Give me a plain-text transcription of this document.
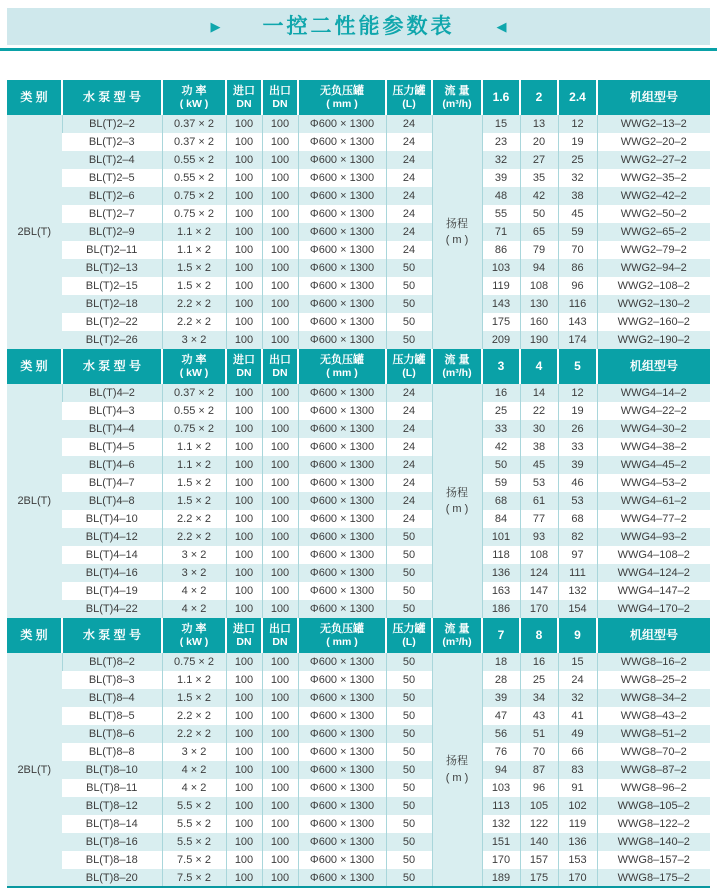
▶ 一控二性能参数表	◀
类 别	水 泵 型 号	功 率
( kW )

进口
DN

出口
DN

无负压罐
( mm )

压力罐
(L)

流 量
(m³/h)
	1.6	2	2.4	机组型号
2BL(T)	BL(T)2–2	0.37 × 2	100	100	Φ600 × 1300	24	扬程
( m )	15	13	12	WWG2–13–2
	BL(T)2–3	0.37 × 2	100	100	Φ600 × 1300	24		23	20	19	WWG2–20–2
	BL(T)2–4	0.55 × 2	100	100	Φ600 × 1300	24		32	27	25	WWG2–27–2
	BL(T)2–5	0.55 × 2	100	100	Φ600 × 1300	24		39	35	32	WWG2–35–2
	BL(T)2–6	0.75 × 2	100	100	Φ600 × 1300	24		48	42	38	WWG2–42–2
	BL(T)2–7	0.75 × 2	100	100	Φ600 × 1300	24		55	50	45	WWG2–50–2
	BL(T)2–9	1.1 × 2	100	100	Φ600 × 1300	24		71	65	59	WWG2–65–2
	BL(T)2–11	1.1 × 2	100	100	Φ600 × 1300	24		86	79	70	WWG2–79–2
	BL(T)2–13	1.5 × 2	100	100	Φ600 × 1300	50		103	94	86	WWG2–94–2
	BL(T)2–15	1.5 × 2	100	100	Φ600 × 1300	50		119	108	96	WWG2–108–2
	BL(T)2–18	2.2 × 2	100	100	Φ600 × 1300	50		143	130	116	WWG2–130–2
	BL(T)2–22	2.2 × 2	100	100	Φ600 × 1300	50		175	160	143	WWG2–160–2
	BL(T)2–26	3 × 2	100	100	Φ600 × 1300	50		209	190	174	WWG2–190–2
类 别	水 泵 型 号	功 率
( kW )

进口
DN

出口
DN

无负压罐
( mm )

压力罐
(L)

流 量
(m³/h)
	3	4	5	机组型号
2BL(T)	BL(T)4–2	0.37 × 2	100	100	Φ600 × 1300	24	扬程
( m )	16	14	12	WWG4–14–2
	BL(T)4–3	0.55 × 2	100	100	Φ600 × 1300	24		25	22	19	WWG4–22–2
	BL(T)4–4	0.75 × 2	100	100	Φ600 × 1300	24		33	30	26	WWG4–30–2
	BL(T)4–5	1.1 × 2	100	100	Φ600 × 1300	24		42	38	33	WWG4–38–2
	BL(T)4–6	1.1 × 2	100	100	Φ600 × 1300	24		50	45	39	WWG4–45–2
	BL(T)4–7	1.5 × 2	100	100	Φ600 × 1300	24		59	53	46	WWG4–53–2
	BL(T)4–8	1.5 × 2	100	100	Φ600 × 1300	24		68	61	53	WWG4–61–2
	BL(T)4–10	2.2 × 2	100	100	Φ600 × 1300	24		84	77	68	WWG4–77–2
	BL(T)4–12	2.2 × 2	100	100	Φ600 × 1300	50		101	93	82	WWG4–93–2
	BL(T)4–14	3 × 2	100	100	Φ600 × 1300	50		118	108	97	WWG4–108–2
	BL(T)4–16	3 × 2	100	100	Φ600 × 1300	50		136	124	111	WWG4–124–2
	BL(T)4–19	4 × 2	100	100	Φ600 × 1300	50		163	147	132	WWG4–147–2
	BL(T)4–22	4 × 2	100	100	Φ600 × 1300	50		186	170	154	WWG4–170–2
类 别	水 泵 型 号	功 率
( kW )

进口
DN

出口
DN

无负压罐
( mm )

压力罐
(L)

流 量
(m³/h)
	7	8	9	机组型号
2BL(T)	BL(T)8–2	0.75 × 2	100	100	Φ600 × 1300	50	扬程
( m )	18	16	15	WWG8–16–2
	BL(T)8–3	1.1 × 2	100	100	Φ600 × 1300	50		28	25	24	WWG8–25–2
	BL(T)8–4	1.5 × 2	100	100	Φ600 × 1300	50		39	34	32	WWG8–34–2
	BL(T)8–5	2.2 × 2	100	100	Φ600 × 1300	50		47	43	41	WWG8–43–2
	BL(T)8–6	2.2 × 2	100	100	Φ600 × 1300	50		56	51	49	WWG8–51–2
	BL(T)8–8	3 × 2	100	100	Φ600 × 1300	50		76	70	66	WWG8–70–2
	BL(T)8–10	4 × 2	100	100	Φ600 × 1300	50		94	87	83	WWG8–87–2
	BL(T)8–11	4 × 2	100	100	Φ600 × 1300	50		103	96	91	WWG8–96–2
	BL(T)8–12	5.5 × 2	100	100	Φ600 × 1300	50		113	105	102	WWG8–105–2
	BL(T)8–14	5.5 × 2	100	100	Φ600 × 1300	50		132	122	119	WWG8–122–2
	BL(T)8–16	5.5 × 2	100	100	Φ600 × 1300	50		151	140	136	WWG8–140–2
	BL(T)8–18	7.5 × 2	100	100	Φ600 × 1300	50		170	157	153	WWG8–157–2
	BL(T)8–20	7.5 × 2	100	100	Φ600 × 1300	50		189	175	170	WWG8–175–2
